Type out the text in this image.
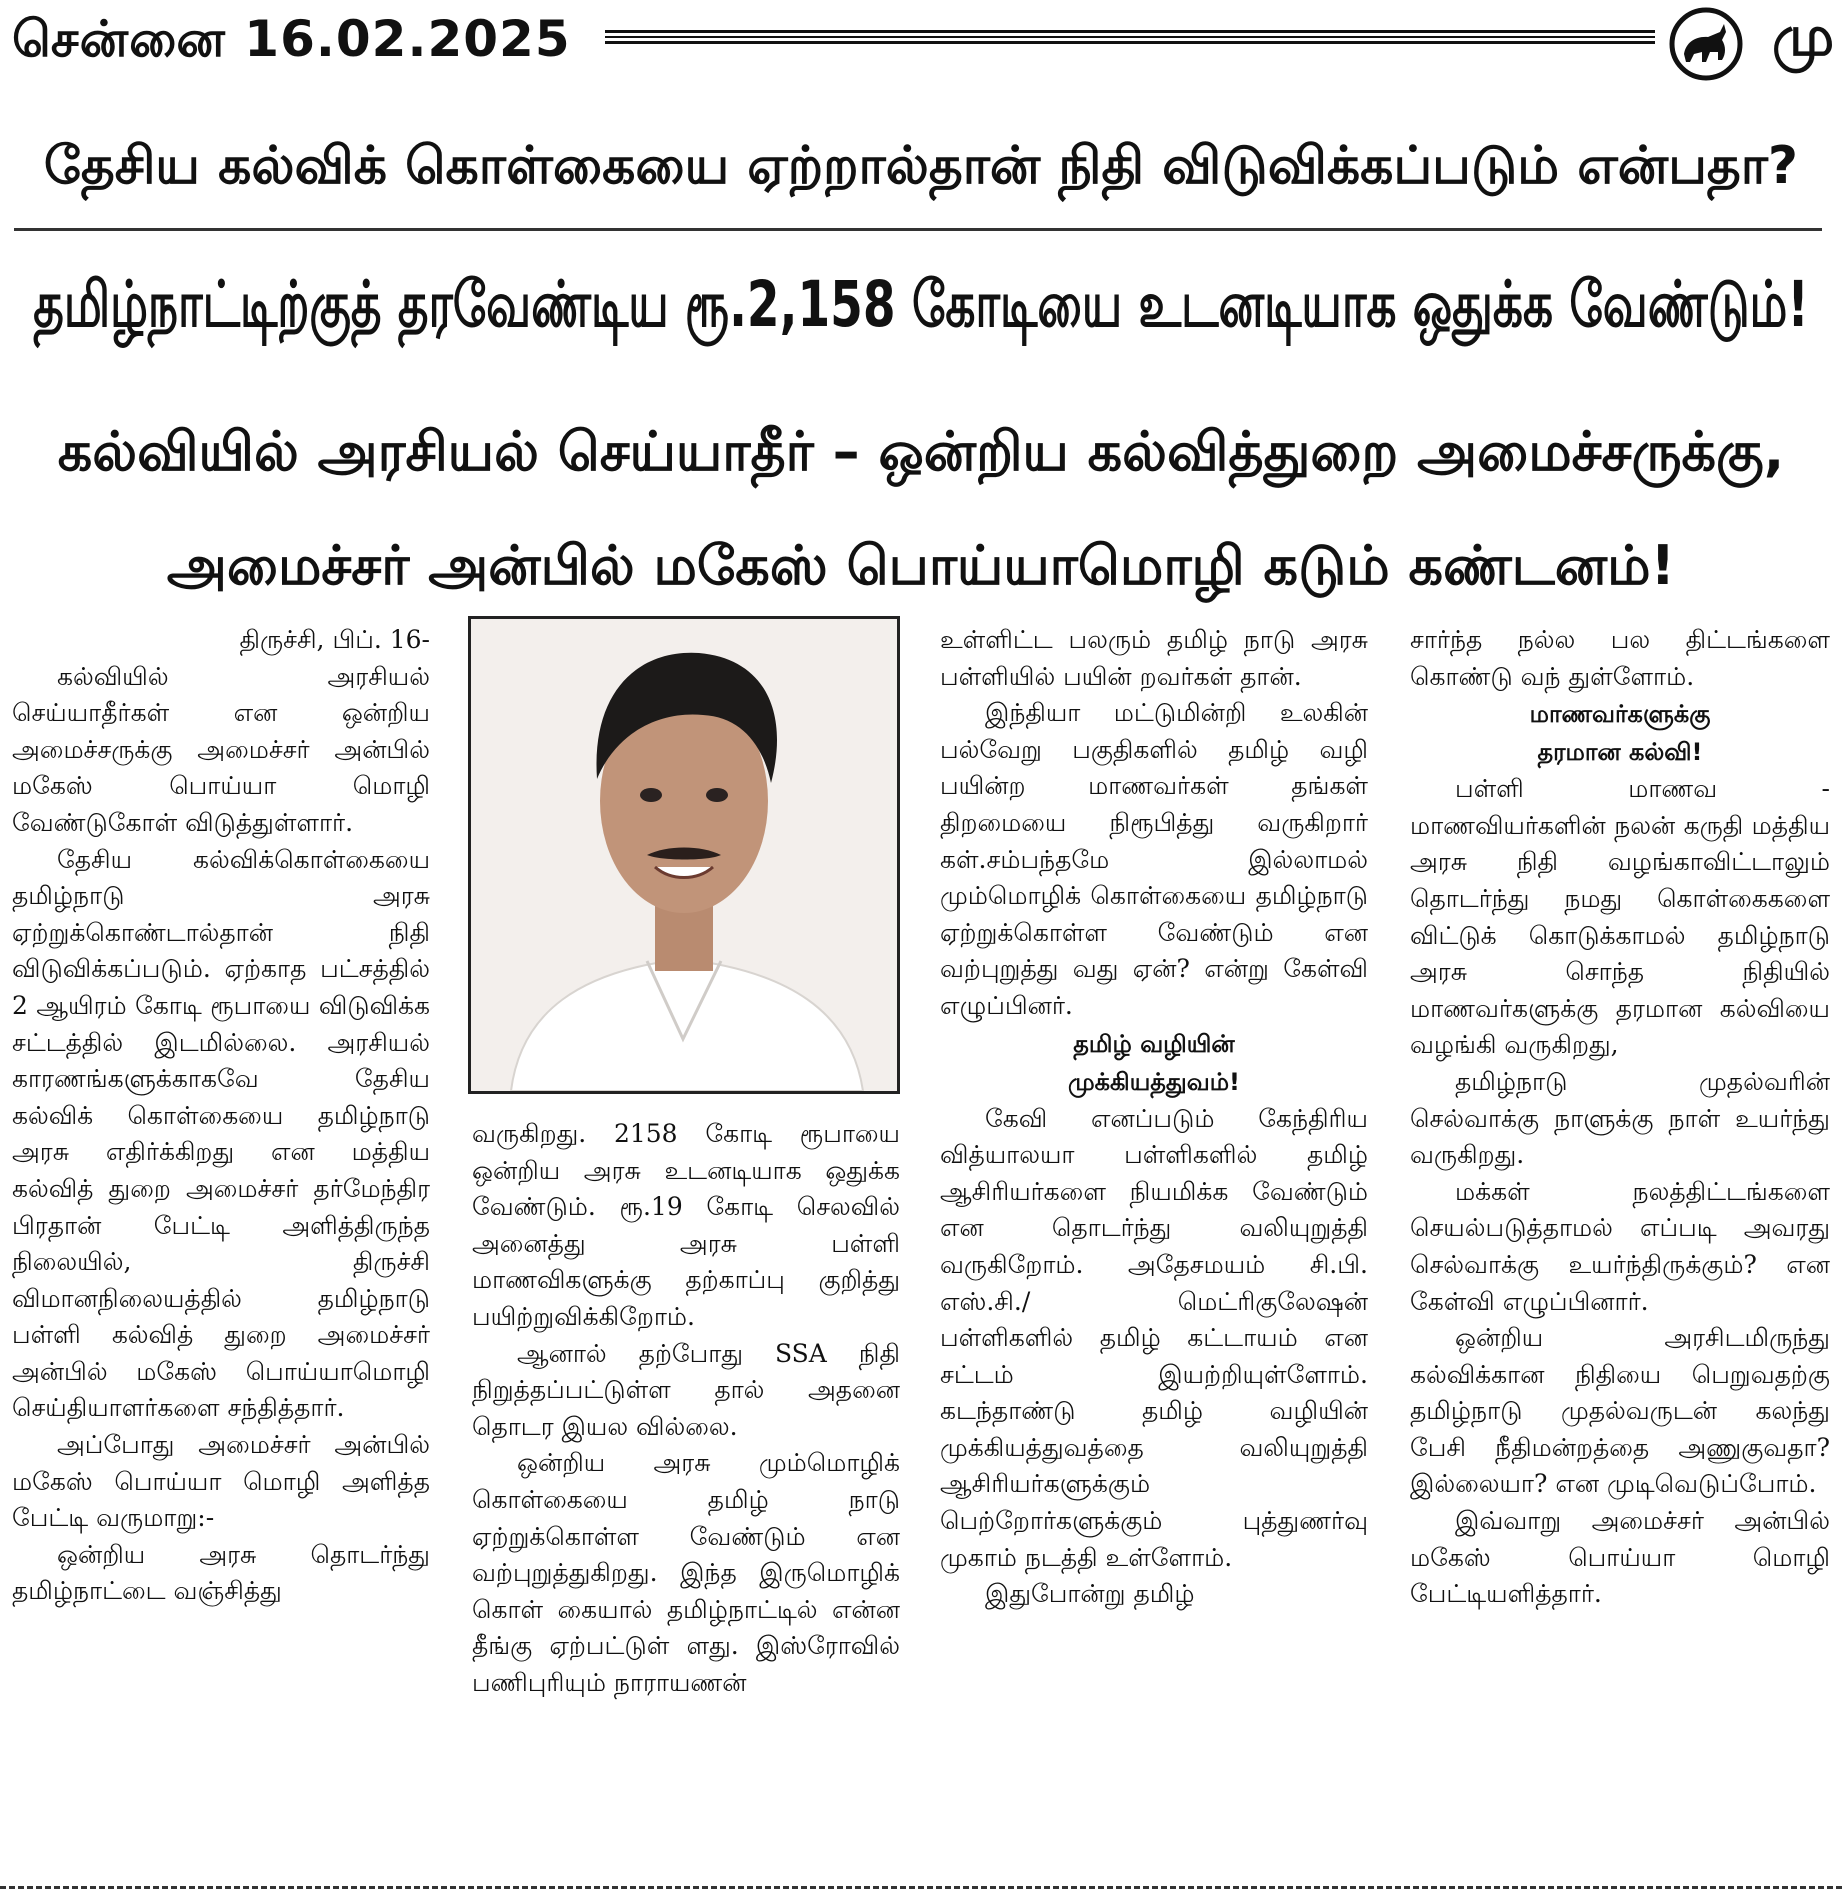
சென்னை 16.02.2025	மு
தேசிய கல்விக் கொள்கையை ஏற்றால்தான் நிதி விடுவிக்கப்படும் என்பதா?
தமிழ்நாட்டிற்குத் தரவேண்டிய ரூ.2,158 கோடியை உடனடியாக ஒதுக்க வேண்டும்!
கல்வியில் அரசியல் செய்யாதீர் – ஒன்றிய கல்வித்துறை அமைச்சருக்கு,
அமைச்சர் அன்பில் மகேஸ் பொய்யாமொழி கடும் கண்டனம்!
திருச்சி, பிப். 16-

கல்வியில் அரசியல் செய்யாதீர்கள் என ஒன்றிய அமைச்சருக்கு அமைச்சர் அன்பில் மகேஸ் பொய்யா மொழி வேண்டுகோள் விடுத்துள்ளார்.

தேசிய கல்விக்கொள்கையை தமிழ்நாடு அரசு ஏற்றுக்கொண்டால்தான் நிதி விடுவிக்கப்படும். ஏற்காத பட்சத்தில் 2 ஆயிரம் கோடி ரூபாயை விடுவிக்க சட்டத்தில் இடமில்லை. அரசியல் காரணங்களுக்காகவே தேசிய கல்விக் கொள்கையை தமிழ்நாடு அரசு எதிர்க்கிறது என மத்திய கல்வித் துறை அமைச்சர் தர்மேந்திர பிரதான் பேட்டி அளித்திருந்த நிலையில், திருச்சி விமானநிலையத்தில் தமிழ்நாடு பள்ளி கல்வித் துறை அமைச்சர் அன்பில் மகேஸ் பொய்யாமொழி செய்தியாளர்களை சந்தித்தார்.

அப்போது அமைச்சர் அன்பில் மகேஸ் பொய்யா மொழி அளித்த பேட்டி வருமாறு:-

ஒன்றிய அரசு தொடர்ந்து தமிழ்நாட்டை வஞ்சித்து

வருகிறது. 2158 கோடி ரூபாயை ஒன்றிய அரசு உடனடியாக ஒதுக்க வேண்டும். ரூ.19 கோடி செலவில் அனைத்து அரசு பள்ளி மாணவிகளுக்கு தற்காப்பு குறித்து பயிற்றுவிக்கிறோம்.

ஆனால் தற்போது SSA நிதி நிறுத்தப்பட்டுள்ள தால் அதனை தொடர இயல வில்லை.

ஒன்றிய அரசு மும்மொழிக் கொள்கையை தமிழ் நாடு ஏற்றுக்கொள்ள வேண்டும் என வற்புறுத்துகிறது. இந்த இருமொழிக் கொள் கையால் தமிழ்நாட்டில் என்ன தீங்கு ஏற்பட்டுள் ளது. இஸ்ரோவில் பணிபுரியும் நாராயணன்

உள்ளிட்ட பலரும் தமிழ் நாடு அரசு பள்ளியில் பயின் றவர்கள் தான்.

இந்தியா மட்டுமின்றி உலகின் பல்வேறு பகுதிகளில் தமிழ் வழி பயின்ற மாணவர்கள் தங்கள் திறமையை நிரூபித்து வருகிறார் கள்.சம்பந்தமே இல்லாமல் மும்மொழிக் கொள்கையை தமிழ்நாடு ஏற்றுக்கொள்ள வேண்டும் என வற்புறுத்து வது ஏன்? என்று கேள்வி எழுப்பினர்.

தமிழ் வழியின்

முக்கியத்துவம்!

கேவி எனப்படும் கேந்திரிய வித்யாலயா பள்ளிகளில் தமிழ் ஆசிரியர்களை நியமிக்க வேண்டும் என தொடர்ந்து வலியுறுத்தி வருகிறோம். அதேசமயம் சி.பி. எஸ்.சி./ மெட்ரிகுலேஷன் பள்ளிகளில் தமிழ் கட்டாயம் என சட்டம் இயற்றியுள்ளோம். கடந்தாண்டு தமிழ் வழியின் முக்கியத்துவத்தை வலியுறுத்தி ஆசிரியர்களுக்கும் பெற்றோர்களுக்கும் புத்துணர்வு முகாம் நடத்தி உள்ளோம்.

இதுபோன்று தமிழ்

சார்ந்த நல்ல பல திட்டங்களை கொண்டு வந் துள்ளோம்.

மாணவர்களுக்கு

தரமான கல்வி!

பள்ளி மாணவ - மாணவியர்களின் நலன் கருதி மத்திய அரசு நிதி வழங்காவிட்டாலும் தொடர்ந்து நமது கொள்கைகளை விட்டுக் கொடுக்காமல் தமிழ்நாடு அரசு சொந்த நிதியில் மாணவர்களுக்கு தரமான கல்வியை வழங்கி வருகிறது,

தமிழ்நாடு முதல்வரின் செல்வாக்கு நாளுக்கு நாள் உயர்ந்து வருகிறது.

மக்கள் நலத்திட்டங்களை செயல்படுத்தாமல் எப்படி அவரது செல்வாக்கு உயர்ந்திருக்கும்? என கேள்வி எழுப்பினார்.

ஒன்றிய அரசிடமிருந்து கல்விக்கான நிதியை பெறுவதற்கு தமிழ்நாடு முதல்வருடன் கலந்து பேசி நீதிமன்றத்தை அணுகுவதா? இல்லையா? என முடிவெடுப்போம்.

இவ்வாறு அமைச்சர் அன்பில் மகேஸ் பொய்யா மொழி பேட்டியளித்தார்.
